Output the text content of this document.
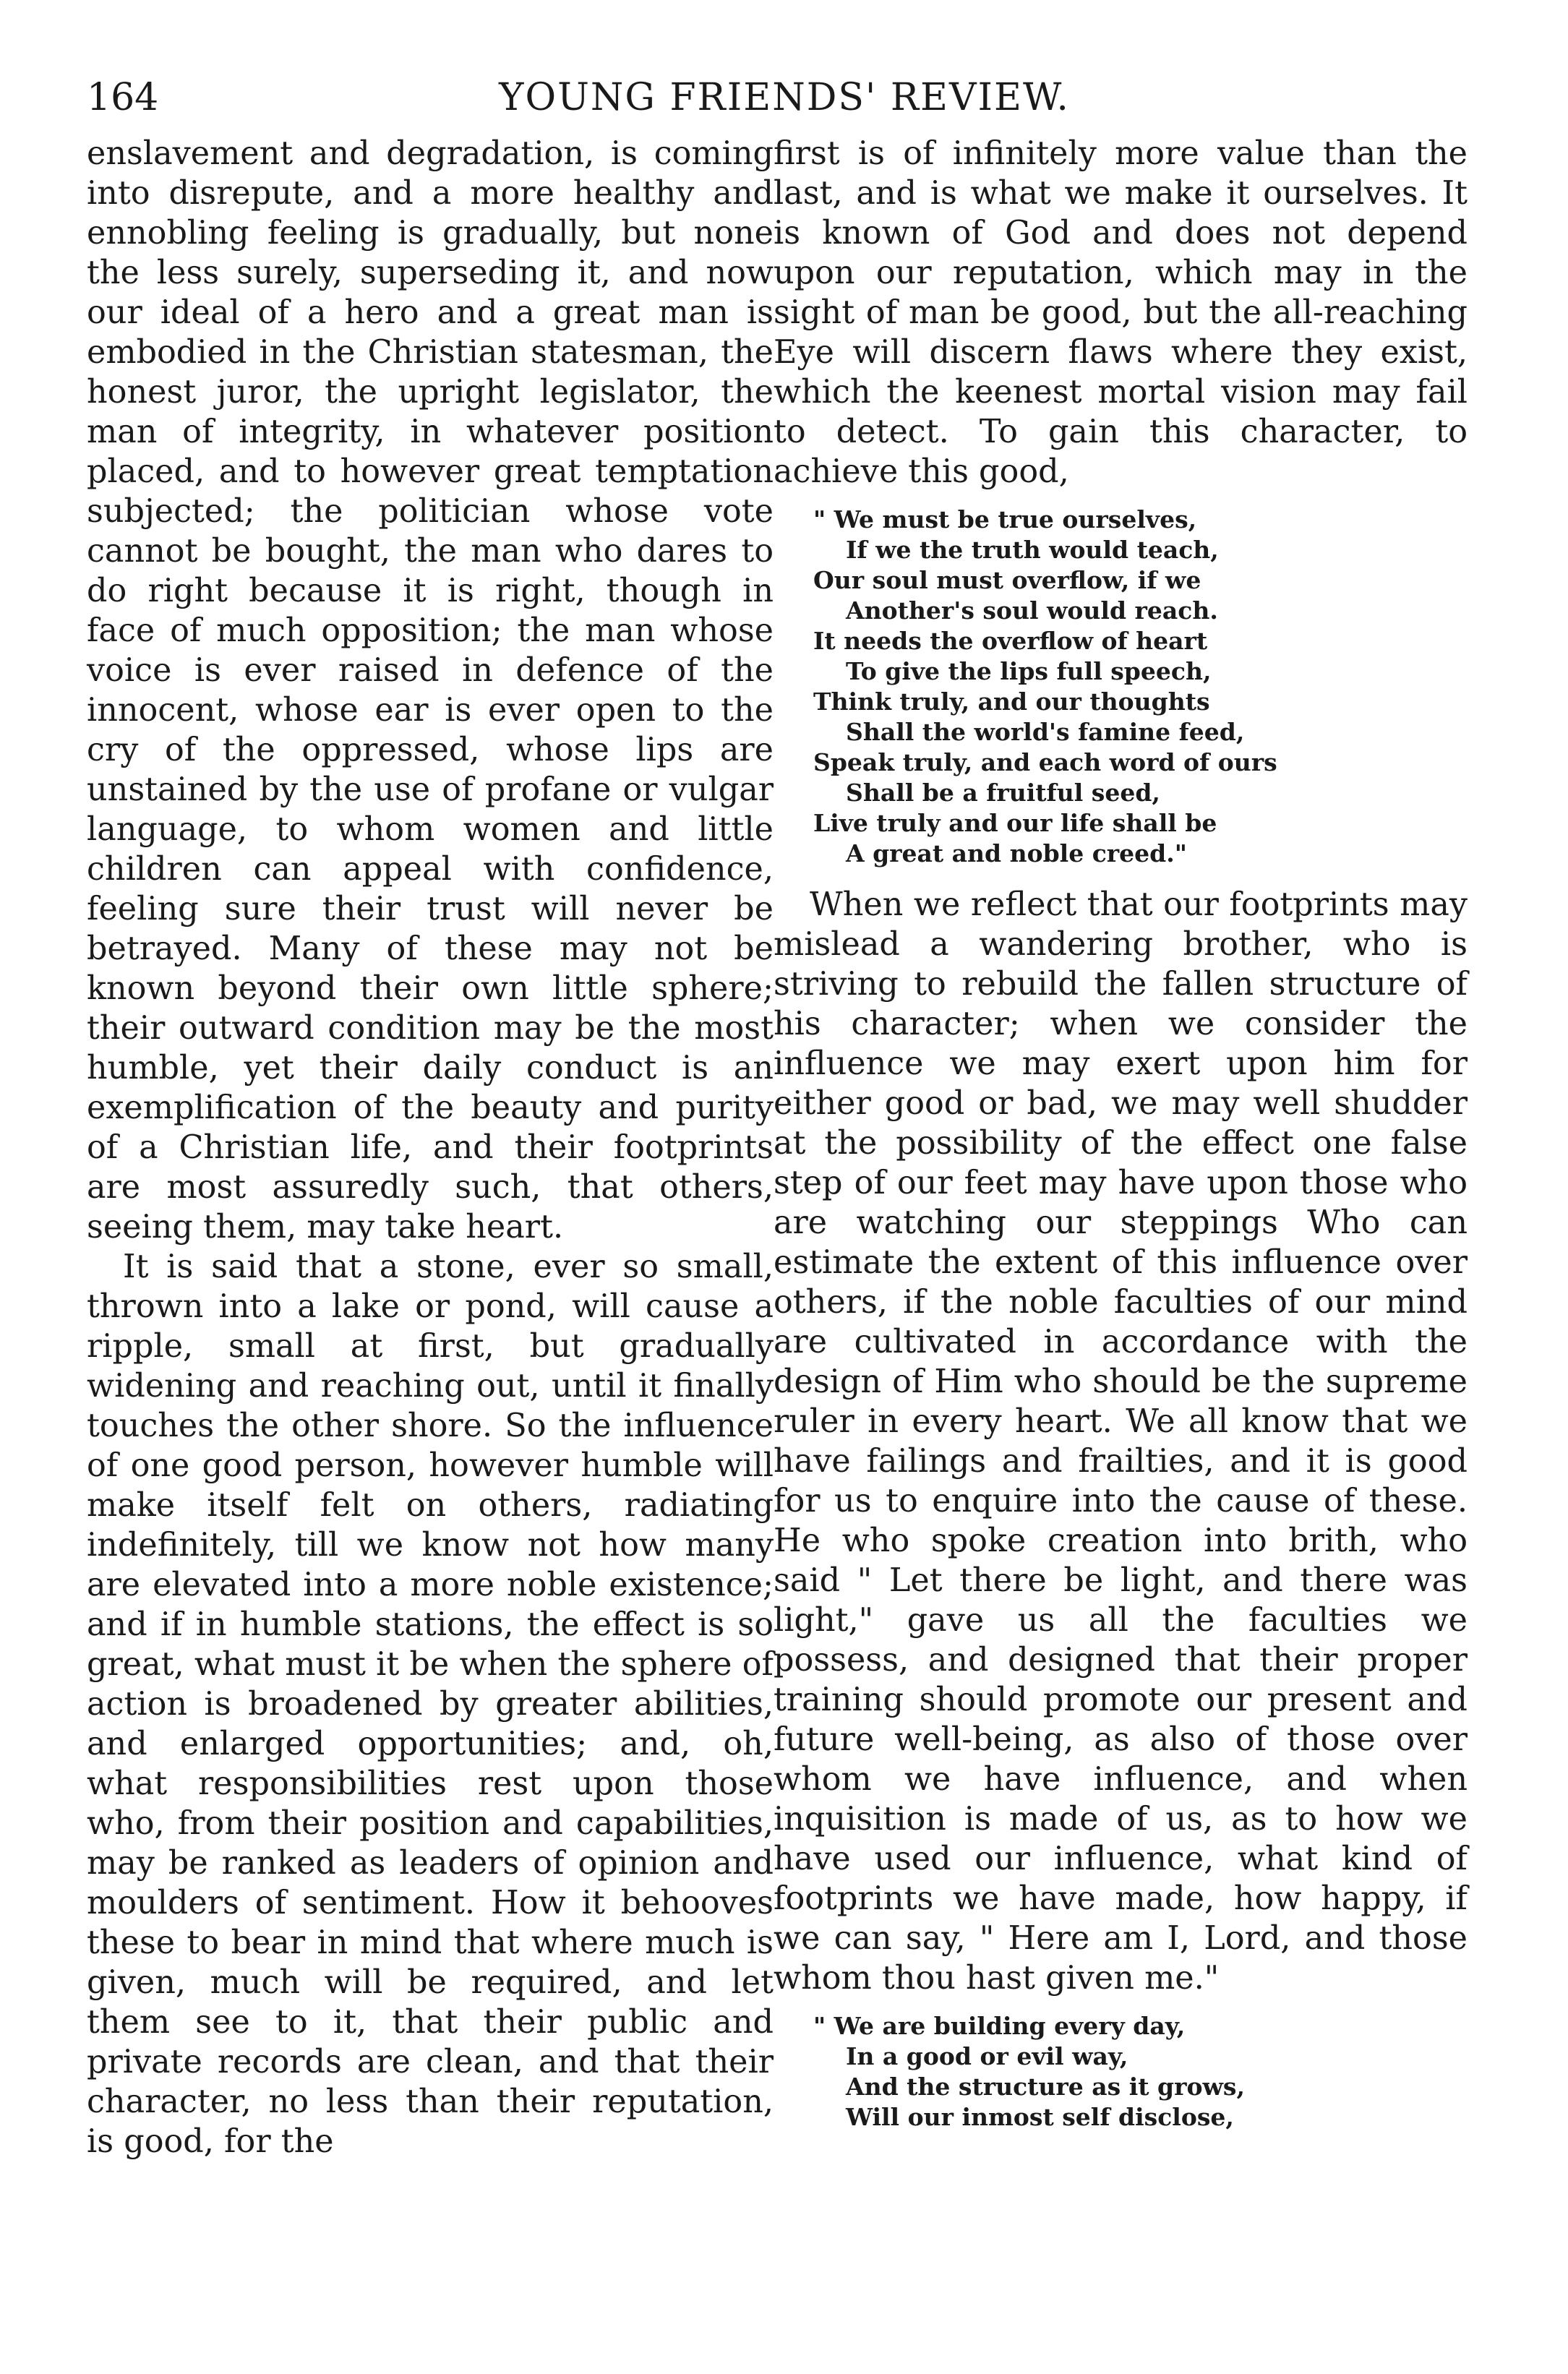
164	YOUNG FRIENDS' REVIEW.

enslavement and degradation, is coming into disrepute, and a more healthy and ennobling feeling is gradually, but none the less surely, superseding it, and now our ideal of a hero and a great man is embodied in the Christian statesman, the honest juror, the upright legislator, the man of integrity, in whatever position placed, and to however great temptation subjected; the politician whose vote cannot be bought, the man who dares to do right because it is right, though in face of much opposition; the man whose voice is ever raised in defence of the innocent, whose ear is ever open to the cry of the oppressed, whose lips are unstained by the use of profane or vulgar language, to whom women and little children can appeal with confidence, feeling sure their trust will never be betrayed. Many of these may not be known beyond their own little sphere; their outward condition may be the most humble, yet their daily conduct is an exemplification of the beauty and purity of a Christian life, and their footprints are most assuredly such, that others, seeing them, may take heart.

It is said that a stone, ever so small, thrown into a lake or pond, will cause a ripple, small at first, but gradually widening and reaching out, until it finally touches the other shore. So the influence of one good person, however humble will make itself felt on others, radiating indefinitely, till we know not how many are elevated into a more noble existence; and if in humble stations, the effect is so great, what must it be when the sphere of action is broadened by greater abilities, and enlarged opportunities; and, oh, what responsibilities rest upon those who, from their position and capabilities, may be ranked as leaders of opinion and moulders of sentiment. How it behooves these to bear in mind that where much is given, much will be required, and let them see to it, that their public and private records are clean, and that their character, no less than their reputation, is good, for the

first is of infinitely more value than the last, and is what we make it ourselves. It is known of God and does not depend upon our reputation, which may in the sight of man be good, but the all-reaching Eye will discern flaws where they exist, which the keenest mortal vision may fail to detect. To gain this character, to achieve this good,

" We must be true ourselves,
If we the truth would teach,
Our soul must overflow, if we
Another's soul would reach.
It needs the overflow of heart
To give the lips full speech,
Think truly, and our thoughts
Shall the world's famine feed,
Speak truly, and each word of ours
Shall be a fruitful seed,
Live truly and our life shall be
A great and noble creed."

When we reflect that our footprints may mislead a wandering brother, who is striving to rebuild the fallen structure of his character; when we consider the influence we may exert upon him for either good or bad, we may well shudder at the possibility of the effect one false step of our feet may have upon those who are watching our steppings Who can estimate the extent of this influence over others, if the noble faculties of our mind are cultivated in accordance with the design of Him who should be the supreme ruler in every heart. We all know that we have failings and frailties, and it is good for us to enquire into the cause of these. He who spoke creation into brith, who said " Let there be light, and there was light," gave us all the faculties we possess, and designed that their proper training should promote our present and future well-being, as also of those over whom we have influence, and when inquisition is made of us, as to how we have used our influence, what kind of footprints we have made, how happy, if we can say, " Here am I, Lord, and those whom thou hast given me."

" We are building every day,
In a good or evil way,
And the structure as it grows,
Will our inmost self disclose,
